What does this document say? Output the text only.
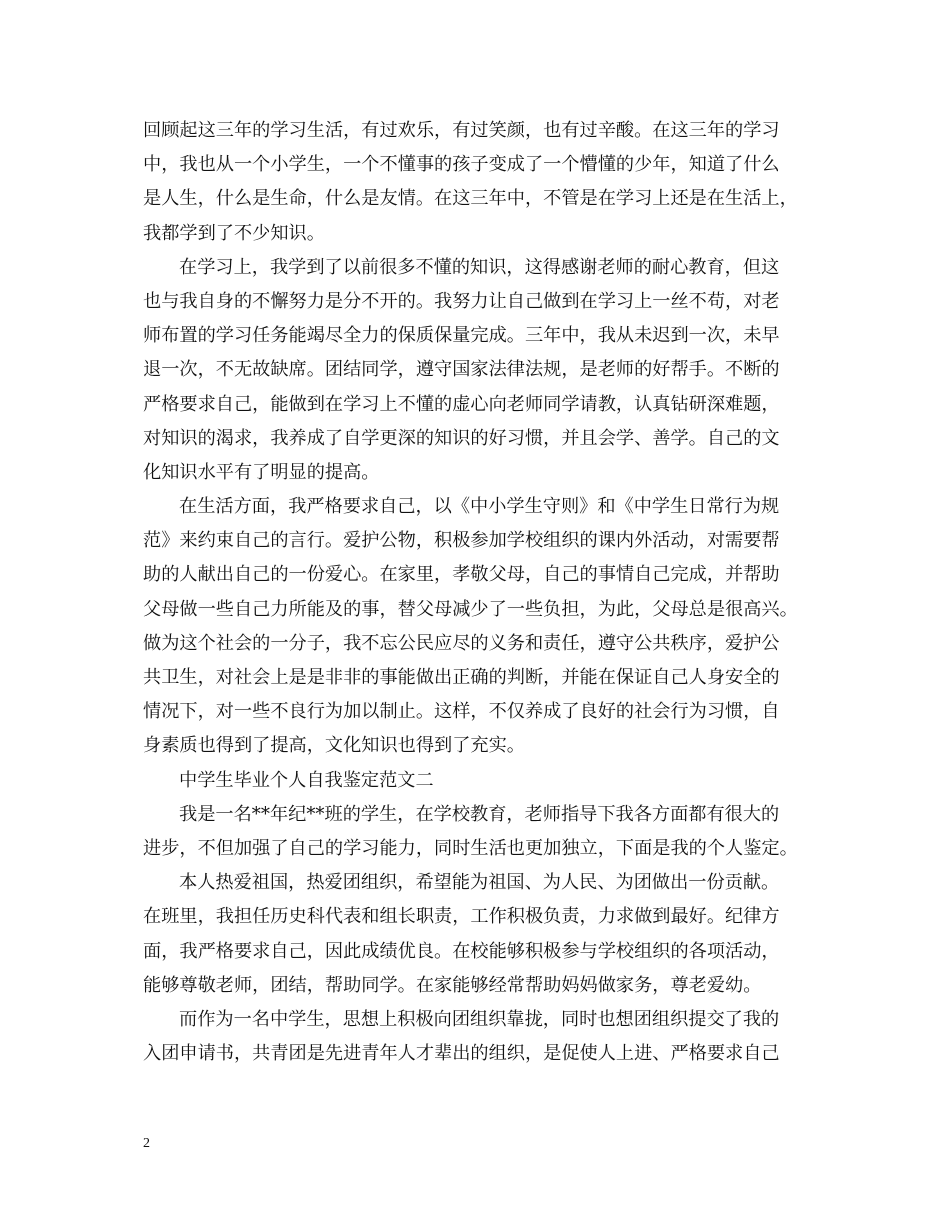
回顾起这三年的学习生活，有过欢乐，有过笑颜，也有过辛酸。在这三年的学习
中，我也从一个小学生，一个不懂事的孩子变成了一个懵懂的少年，知道了什么
是人生，什么是生命，什么是友情。在这三年中，不管是在学习上还是在生活上，
我都学到了不少知识。
在学习上，我学到了以前很多不懂的知识，这得感谢老师的耐心教育，但这
也与我自身的不懈努力是分不开的。我努力让自己做到在学习上一丝不苟，对老
师布置的学习任务能竭尽全力的保质保量完成。三年中，我从未迟到一次，未早
退一次，不无故缺席。团结同学，遵守国家法律法规，是老师的好帮手。不断的
严格要求自己，能做到在学习上不懂的虚心向老师同学请教，认真钻研深难题，
对知识的渴求，我养成了自学更深的知识的好习惯，并且会学、善学。自己的文
化知识水平有了明显的提高。
在生活方面，我严格要求自己，以《中小学生守则》和《中学生日常行为规
范》来约束自己的言行。爱护公物，积极参加学校组织的课内外活动，对需要帮
助的人献出自己的一份爱心。在家里，孝敬父母，自己的事情自己完成，并帮助
父母做一些自己力所能及的事，替父母减少了一些负担，为此，父母总是很高兴。
做为这个社会的一分子，我不忘公民应尽的义务和责任，遵守公共秩序，爱护公
共卫生，对社会上是是非非的事能做出正确的判断，并能在保证自己人身安全的
情况下，对一些不良行为加以制止。这样，不仅养成了良好的社会行为习惯，自
身素质也得到了提高，文化知识也得到了充实。
中学生毕业个人自我鉴定范文二
我是一名**年纪**班的学生，在学校教育，老师指导下我各方面都有很大的
进步，不但加强了自己的学习能力，同时生活也更加独立，下面是我的个人鉴定。
本人热爱祖国，热爱团组织，希望能为祖国、为人民、为团做出一份贡献。
在班里，我担任历史科代表和组长职责，工作积极负责，力求做到最好。纪律方
面，我严格要求自己，因此成绩优良。在校能够积极参与学校组织的各项活动，
能够尊敬老师，团结，帮助同学。在家能够经常帮助妈妈做家务，尊老爱幼。
而作为一名中学生，思想上积极向团组织靠拢，同时也想团组织提交了我的
入团申请书，共青团是先进青年人才辈出的组织，是促使人上进、严格要求自己
2
